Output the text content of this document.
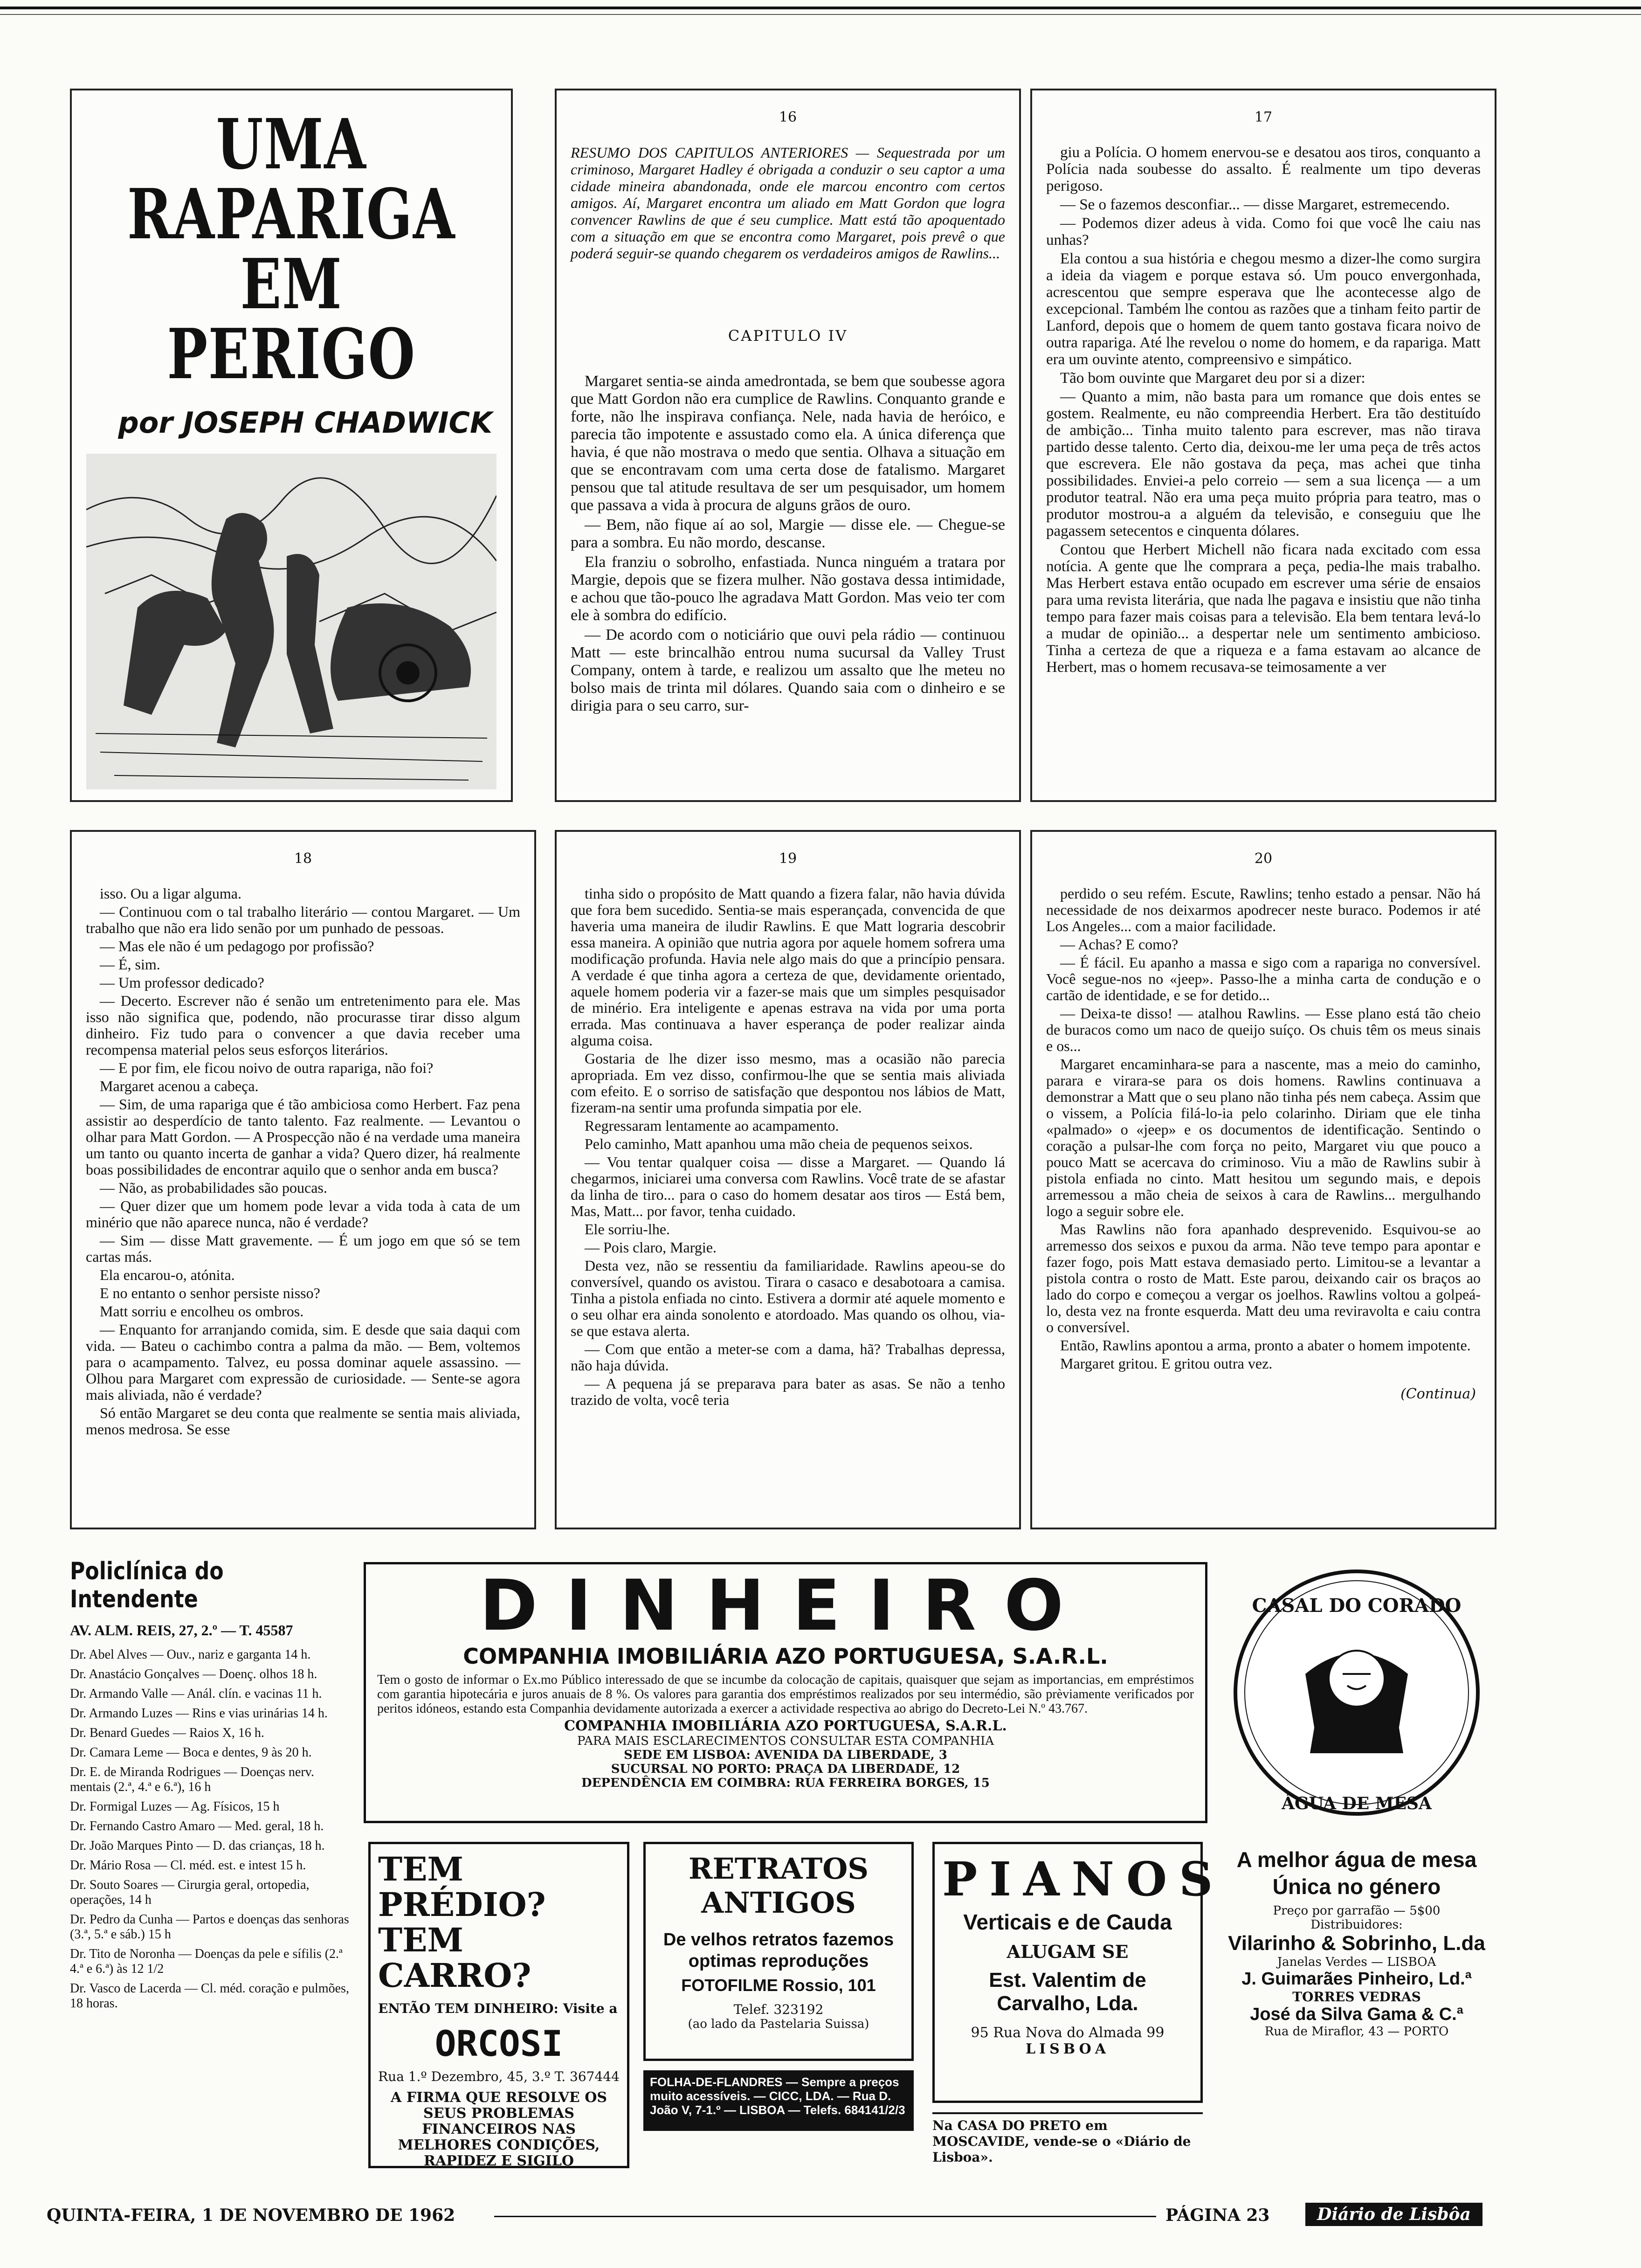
UMA RAPARIGA EM PERIGO
por JOSEPH CHADWICK
16
RESUMO DOS CAPITULOS ANTERIORES — Sequestrada por um criminoso, Margaret Hadley é obrigada a conduzir o seu captor a uma cidade mineira abandonada, onde ele marcou encontro com certos amigos. Aí, Margaret encontra um aliado em Matt Gordon que logra convencer Rawlins de que é seu cumplice. Matt está tão apoquentado com a situação em que se encontra como Margaret, pois prevê o que poderá seguir-se quando chegarem os verdadeiros amigos de Rawlins...
CAPITULO IV

Margaret sentia-se ainda amedrontada, se bem que soubesse agora que Matt Gordon não era cumplice de Rawlins. Conquanto grande e forte, não lhe inspirava confiança. Nele, nada havia de heróico, e parecia tão impotente e assustado como ela. A única diferença que havia, é que não mostrava o medo que sentia. Olhava a situação em que se encontravam com uma certa dose de fatalismo. Margaret pensou que tal atitude resultava de ser um pesquisador, um homem que passava a vida à procura de alguns grãos de ouro.

— Bem, não fique aí ao sol, Margie — disse ele. — Chegue-se para a sombra. Eu não mordo, descanse.

Ela franziu o sobrolho, enfastiada. Nunca ninguém a tratara por Margie, depois que se fizera mulher. Não gostava dessa intimidade, e achou que tão-pouco lhe agradava Matt Gordon. Mas veio ter com ele à sombra do edifício.

— De acordo com o noticiário que ouvi pela rádio — continuou Matt — este brincalhão entrou numa sucursal da Valley Trust Company, ontem à tarde, e realizou um assalto que lhe meteu no bolso mais de trinta mil dólares. Quando saia com o dinheiro e se dirigia para o seu carro, sur-

17

giu a Polícia. O homem enervou-se e desatou aos tiros, conquanto a Polícia nada soubesse do assalto. É realmente um tipo deveras perigoso.

— Se o fazemos desconfiar... — disse Margaret, estremecendo.

— Podemos dizer adeus à vida. Como foi que você lhe caiu nas unhas?

Ela contou a sua história e chegou mesmo a dizer-lhe como surgira a ideia da viagem e porque estava só. Um pouco envergonhada, acrescentou que sempre esperava que lhe acontecesse algo de excepcional. Também lhe contou as razões que a tinham feito partir de Lanford, depois que o homem de quem tanto gostava ficara noivo de outra rapariga. Até lhe revelou o nome do homem, e da rapariga. Matt era um ouvinte atento, compreensivo e simpático.

Tão bom ouvinte que Margaret deu por si a dizer:

— Quanto a mim, não basta para um romance que dois entes se gostem. Realmente, eu não compreendia Herbert. Era tão destituído de ambição... Tinha muito talento para escrever, mas não tirava partido desse talento. Certo dia, deixou-me ler uma peça de três actos que escrevera. Ele não gostava da peça, mas achei que tinha possibilidades. Enviei-a pelo correio — sem a sua licença — a um produtor teatral. Não era uma peça muito própria para teatro, mas o produtor mostrou-a a alguém da televisão, e conseguiu que lhe pagassem setecentos e cinquenta dólares.

Contou que Herbert Michell não ficara nada excitado com essa notícia. A gente que lhe comprara a peça, pedia-lhe mais trabalho. Mas Herbert estava então ocupado em escrever uma série de ensaios para uma revista literária, que nada lhe pagava e insistiu que não tinha tempo para fazer mais coisas para a televisão. Ela bem tentara levá-lo a mudar de opinião... a despertar nele um sentimento ambicioso. Tinha a certeza de que a riqueza e a fama estavam ao alcance de Herbert, mas o homem recusava-se teimosamente a ver

18

isso. Ou a ligar alguma.

— Continuou com o tal trabalho literário — contou Margaret. — Um trabalho que não era lido senão por um punhado de pessoas.

— Mas ele não é um pedagogo por profissão?

— É, sim.

— Um professor dedicado?

— Decerto. Escrever não é senão um entretenimento para ele. Mas isso não significa que, podendo, não procurasse tirar disso algum dinheiro. Fiz tudo para o convencer a que davia receber uma recompensa material pelos seus esforços literários.

— E por fim, ele ficou noivo de outra rapariga, não foi?

Margaret acenou a cabeça.

— Sim, de uma rapariga que é tão ambiciosa como Herbert. Faz pena assistir ao desperdício de tanto talento. Faz realmente. — Levantou o olhar para Matt Gordon. — A Prospecção não é na verdade uma maneira um tanto ou quanto incerta de ganhar a vida? Quero dizer, há realmente boas possibilidades de encontrar aquilo que o senhor anda em busca?

— Não, as probabilidades são poucas.

— Quer dizer que um homem pode levar a vida toda à cata de um minério que não aparece nunca, não é verdade?

— Sim — disse Matt gravemente. — É um jogo em que só se tem cartas más.

Ela encarou-o, atónita.

E no entanto o senhor persiste nisso?

Matt sorriu e encolheu os ombros.

— Enquanto for arranjando comida, sim. E desde que saia daqui com vida. — Bateu o cachimbo contra a palma da mão. — Bem, voltemos para o acampamento. Talvez, eu possa dominar aquele assassino. — Olhou para Margaret com expressão de curiosidade. — Sente-se agora mais aliviada, não é verdade?

Só então Margaret se deu conta que realmente se sentia mais aliviada, menos medrosa. Se esse

19

tinha sido o propósito de Matt quando a fizera falar, não havia dúvida que fora bem sucedido. Sentia-se mais esperançada, convencida de que haveria uma maneira de iludir Rawlins. E que Matt lograria descobrir essa maneira. A opinião que nutria agora por aquele homem sofrera uma modificação profunda. Havia nele algo mais do que a princípio pensara. A verdade é que tinha agora a certeza de que, devidamente orientado, aquele homem poderia vir a fazer-se mais que um simples pesquisador de minério. Era inteligente e apenas estrava na vida por uma porta errada. Mas continuava a haver esperança de poder realizar ainda alguma coisa.

Gostaria de lhe dizer isso mesmo, mas a ocasião não parecia apropriada. Em vez disso, confirmou-lhe que se sentia mais aliviada com efeito. E o sorriso de satisfação que despontou nos lábios de Matt, fizeram-na sentir uma profunda simpatia por ele.

Regressaram lentamente ao acampamento.

Pelo caminho, Matt apanhou uma mão cheia de pequenos seixos.

— Vou tentar qualquer coisa — disse a Margaret. — Quando lá chegarmos, iniciarei uma conversa com Rawlins. Você trate de se afastar da linha de tiro... para o caso do homem desatar aos tiros — Está bem, Mas, Matt... por favor, tenha cuidado.

Ele sorriu-lhe.

— Pois claro, Margie.

Desta vez, não se ressentiu da familiaridade. Rawlins apeou-se do conversível, quando os avistou. Tirara o casaco e desabotoara a camisa. Tinha a pistola enfiada no cinto. Estivera a dormir até aquele momento e o seu olhar era ainda sonolento e atordoado. Mas quando os olhou, via-se que estava alerta.

— Com que então a meter-se com a dama, hã? Trabalhas depressa, não haja dúvida.

— A pequena já se preparava para bater as asas. Se não a tenho trazido de volta, você teria

20

perdido o seu refém. Escute, Rawlins; tenho estado a pensar. Não há necessidade de nos deixarmos apodrecer neste buraco. Podemos ir até Los Angeles... com a maior facilidade.

— Achas? E como?

— É fácil. Eu apanho a massa e sigo com a rapariga no conversível. Você segue-nos no «jeep». Passo-lhe a minha carta de condução e o cartão de identidade, e se for detido...

— Deixa-te disso! — atalhou Rawlins. — Esse plano está tão cheio de buracos como um naco de queijo suíço. Os chuis têm os meus sinais e os...

Margaret encaminhara-se para a nascente, mas a meio do caminho, parara e virara-se para os dois homens. Rawlins continuava a demonstrar a Matt que o seu plano não tinha pés nem cabeça. Assim que o vissem, a Polícia filá-lo-ia pelo colarinho. Diriam que ele tinha «palmado» o «jeep» e os documentos de identificação. Sentindo o coração a pulsar-lhe com força no peito, Margaret viu que pouco a pouco Matt se acercava do criminoso. Viu a mão de Rawlins subir à pistola enfiada no cinto. Matt hesitou um segundo mais, e depois arremessou a mão cheia de seixos à cara de Rawlins... mergulhando logo a seguir sobre ele.

Mas Rawlins não fora apanhado desprevenido. Esquivou-se ao arremesso dos seixos e puxou da arma. Não teve tempo para apontar e fazer fogo, pois Matt estava demasiado perto. Limitou-se a levantar a pistola contra o rosto de Matt. Este parou, deixando cair os braços ao lado do corpo e começou a vergar os joelhos. Rawlins voltou a golpeá-lo, desta vez na fronte esquerda. Matt deu uma reviravolta e caiu contra o conversível.

Então, Rawlins apontou a arma, pronto a abater o homem impotente.

Margaret gritou. E gritou outra vez.

(Continua)
Policlínica do Intendente
AV. ALM. REIS, 27, 2.º — T. 45587
Dr. Abel Alves — Ouv., nariz e garganta 14 h.
Dr. Anastácio Gonçalves — Doenç. olhos 18 h.
Dr. Armando Valle — Anál. clín. e vacinas 11 h.
Dr. Armando Luzes — Rins e vias urinárias 14 h.
Dr. Benard Guedes — Raios X, 16 h.
Dr. Camara Leme — Boca e dentes, 9 às 20 h.
Dr. E. de Miranda Rodrigues — Doenças nerv. mentais (2.ª, 4.ª e 6.ª), 16 h
Dr. Formigal Luzes — Ag. Físicos, 15 h
Dr. Fernando Castro Amaro — Med. geral, 18 h.
Dr. João Marques Pinto — D. das crianças, 18 h.
Dr. Mário Rosa — Cl. méd. est. e intest 15 h.
Dr. Souto Soares — Cirurgia geral, ortopedia, operações, 14 h
Dr. Pedro da Cunha — Partos e doenças das senhoras (3.ª, 5.ª e sáb.) 15 h
Dr. Tito de Noronha — Doenças da pele e sífilis (2.ª 4.ª e 6.ª) às 12 1/2
Dr. Vasco de Lacerda — Cl. méd. coração e pulmões, 18 horas.
DINHEIRO
COMPANHIA IMOBILIÁRIA AZO PORTUGUESA, S.A.R.L.
Tem o gosto de informar o Ex.mo Público interessado de que se incumbe da colocação de capitais, quaisquer que sejam as importancias, em empréstimos com garantia hipotecária e juros anuais de 8 %. Os valores para garantia dos empréstimos realizados por seu intermédio, são prèviamente verificados por peritos idóneos, estando esta Companhia devidamente autorizada a exercer a actividade respectiva ao abrigo do Decreto-Lei N.º 43.767.
COMPANHIA IMOBILIÁRIA AZO PORTUGUESA, S.A.R.L.
PARA MAIS ESCLARECIMENTOS CONSULTAR ESTA COMPANHIA
SEDE EM LISBOA: AVENIDA DA LIBERDADE, 3
SUCURSAL NO PORTO: PRAÇA DA LIBERDADE, 12
DEPENDÊNCIA EM COIMBRA: RUA FERREIRA BORGES, 15
CASAL DO CORADO
ÁGUA DE MESA
A melhor água de mesa Única no género
Preço por garrafão — 5$00
Distribuidores:
Vilarinho & Sobrinho, L.da
Janelas Verdes — LISBOA
J. Guimarães Pinheiro, Ld.ª
TORRES VEDRAS
José da Silva Gama & C.ª
Rua de Miraflor, 43 — PORTO
TEM PRÉDIO?
TEM CARRO?
ENTÃO TEM DINHEIRO: Visite a
ORCOSI
Rua 1.º Dezembro, 45, 3.º T. 367444
A FIRMA QUE RESOLVE OS SEUS PROBLEMAS FINANCEIROS NAS MELHORES CONDIÇÕES, RAPIDEZ E SIGILO
RETRATOS ANTIGOS
De velhos retratos fazemos optimas reproduções
FOTOFILME Rossio, 101
Telef. 323192
(ao lado da Pastelaria Suissa)
FOLHA-DE-FLANDRES — Sempre a preços muito acessíveis. — CICC, LDA. — Rua D. João V, 7-1.º — LISBOA — Telefs. 684141/2/3
PIANOS
Verticais e de Cauda
ALUGAM SE
Est. Valentim de Carvalho, Lda.
95 Rua Nova do Almada 99
LISBOA
Na CASA DO PRETO em MOSCAVIDE, vende-se o «Diário de Lisboa».
QUINTA-FEIRA, 1 DE NOVEMBRO DE 1962	PÁGINA 23	Diário de Lisbôa
